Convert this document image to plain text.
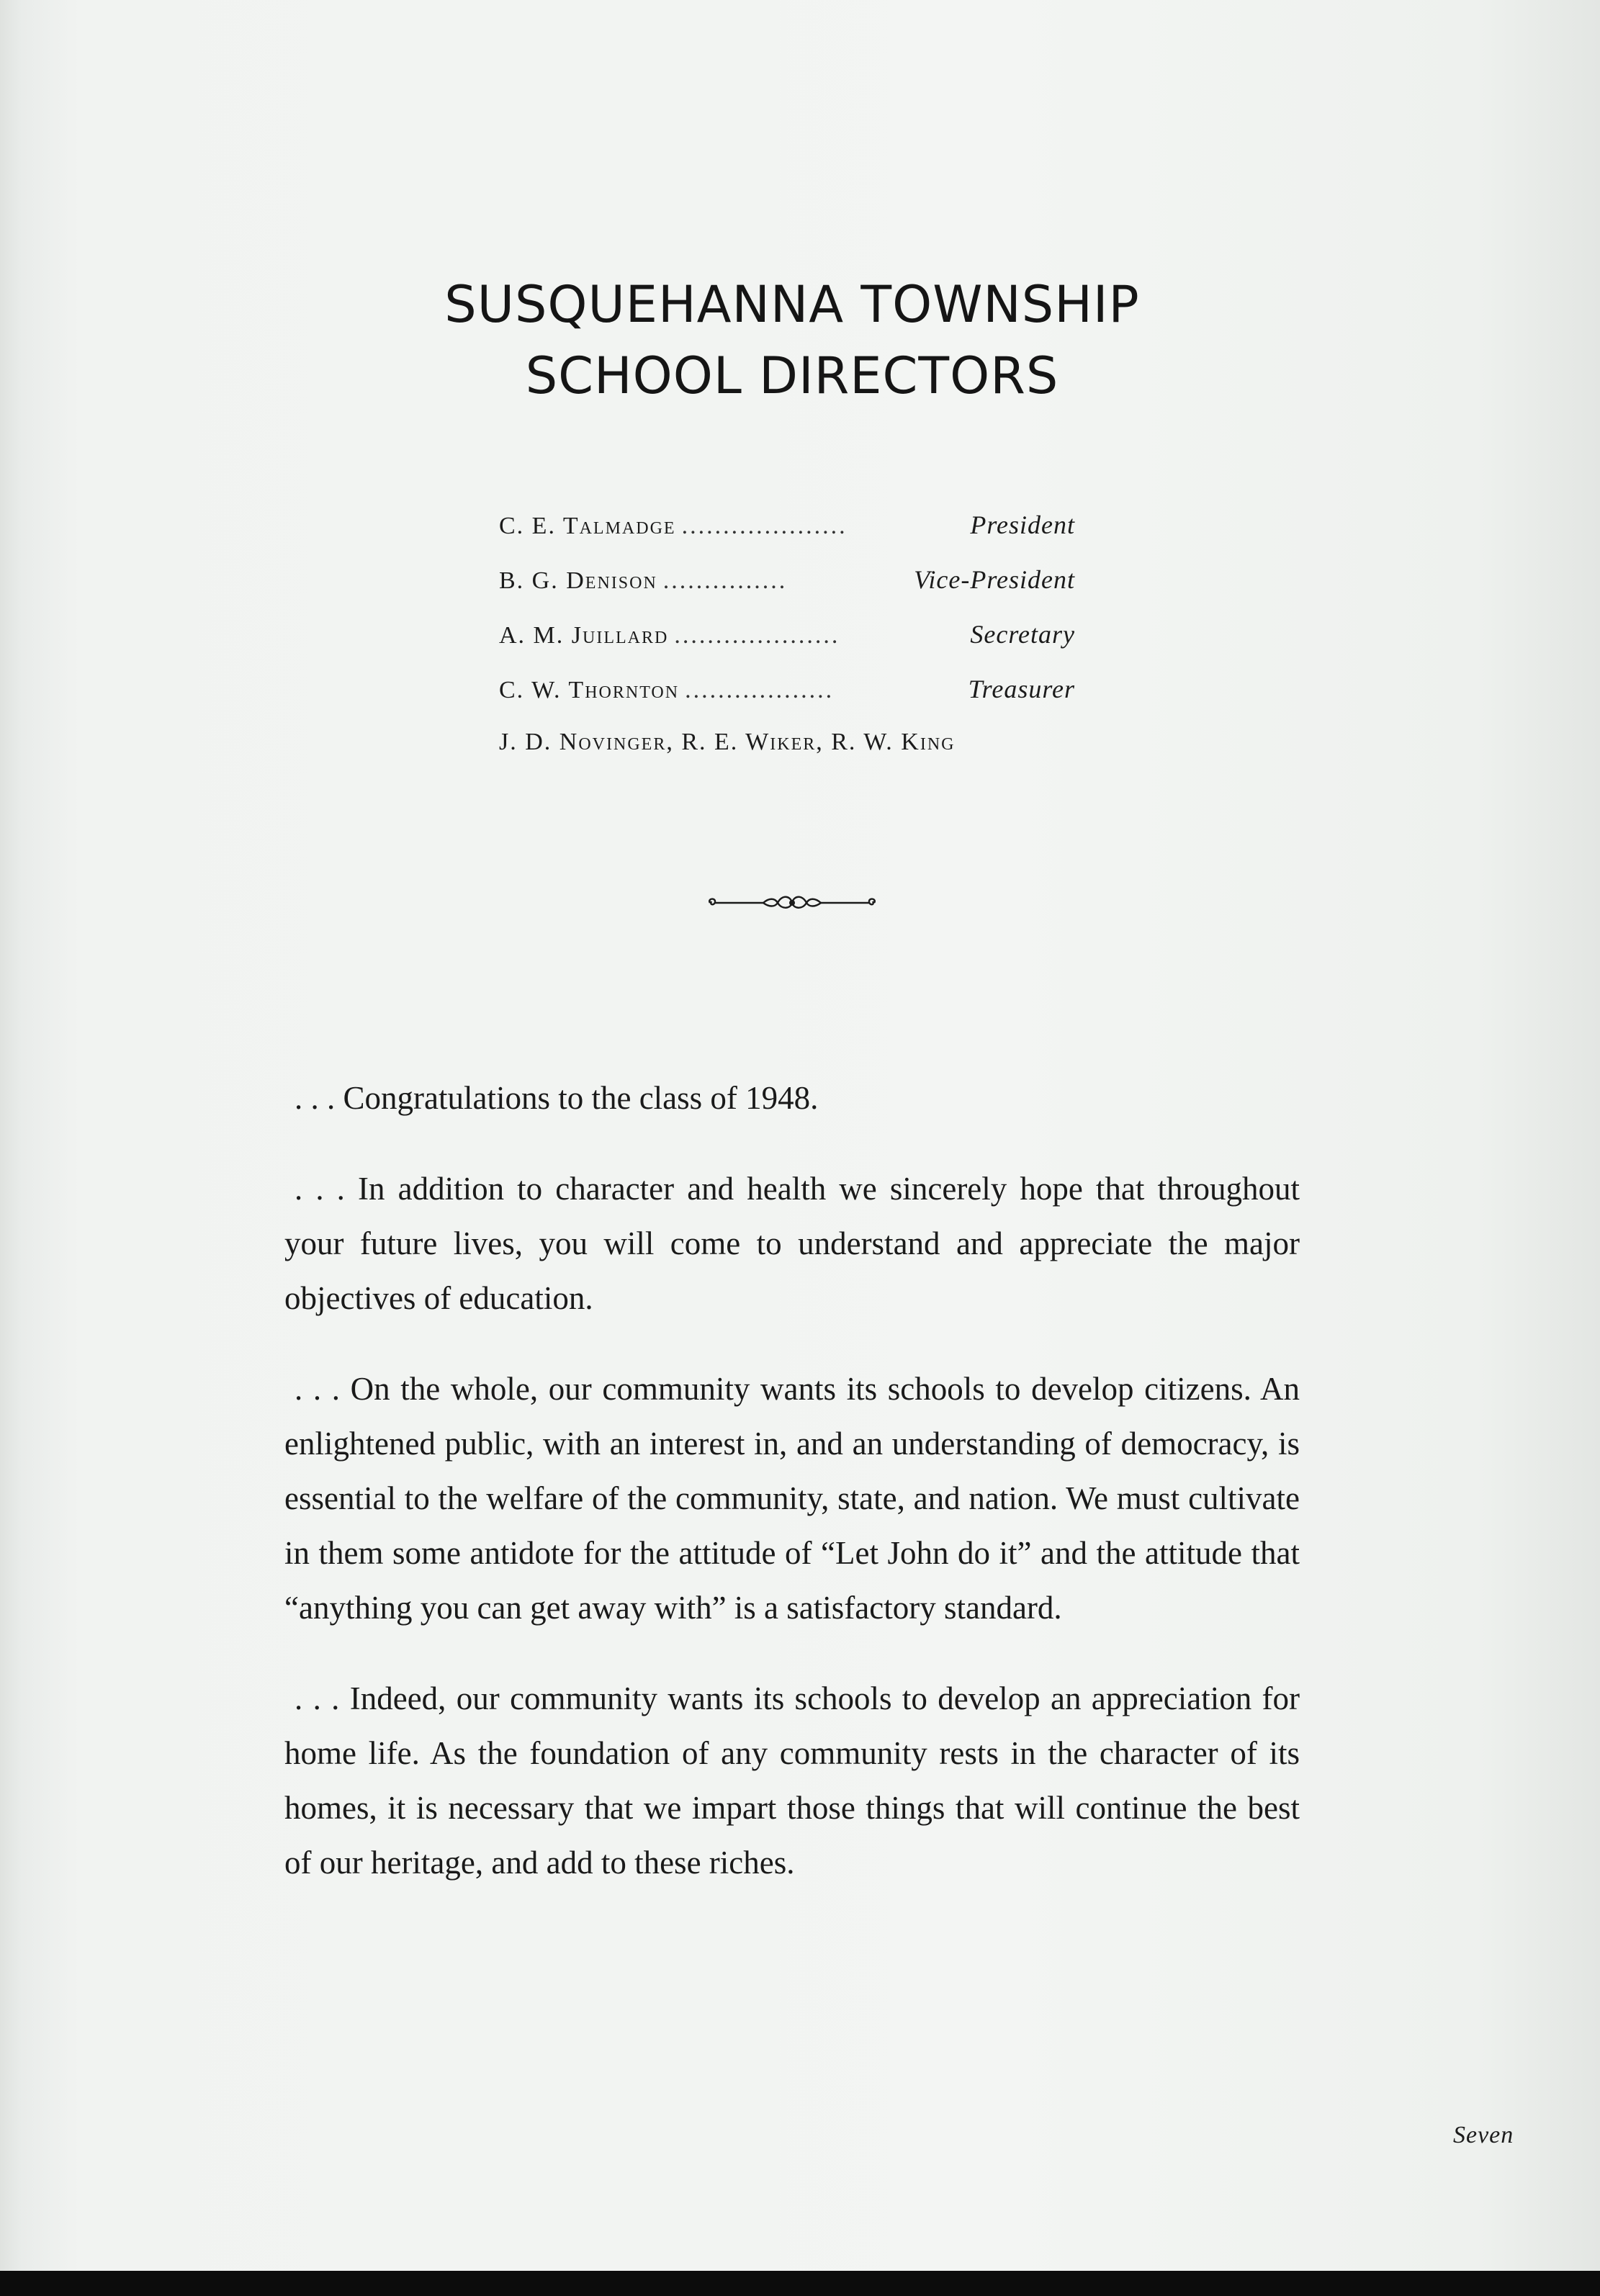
SUSQUEHANNA TOWNSHIP
SCHOOL DIRECTORS
C. E. Talmadge ....................	President
B. G. Denison ...............	Vice-President
A. M. Juillard ....................	Secretary
C. W. Thornton ..................	Treasurer
J. D. Novinger, R. E. Wiker, R. W. King

. . . Congratulations to the class of 1948.

. . . In addition to character and health we sincerely hope that throughout your future lives, you will come to understand and appreciate the major objectives of education.

. . . On the whole, our community wants its schools to develop citizens. An enlightened public, with an interest in, and an understanding of democracy, is essential to the welfare of the community, state, and nation. We must cultivate in them some antidote for the attitude of “Let John do it” and the attitude that “anything you can get away with” is a satisfactory standard.

. . . Indeed, our community wants its schools to develop an appreciation for home life. As the foundation of any community rests in the character of its homes, it is necessary that we impart those things that will continue the best of our heritage, and add to these riches.

Seven
